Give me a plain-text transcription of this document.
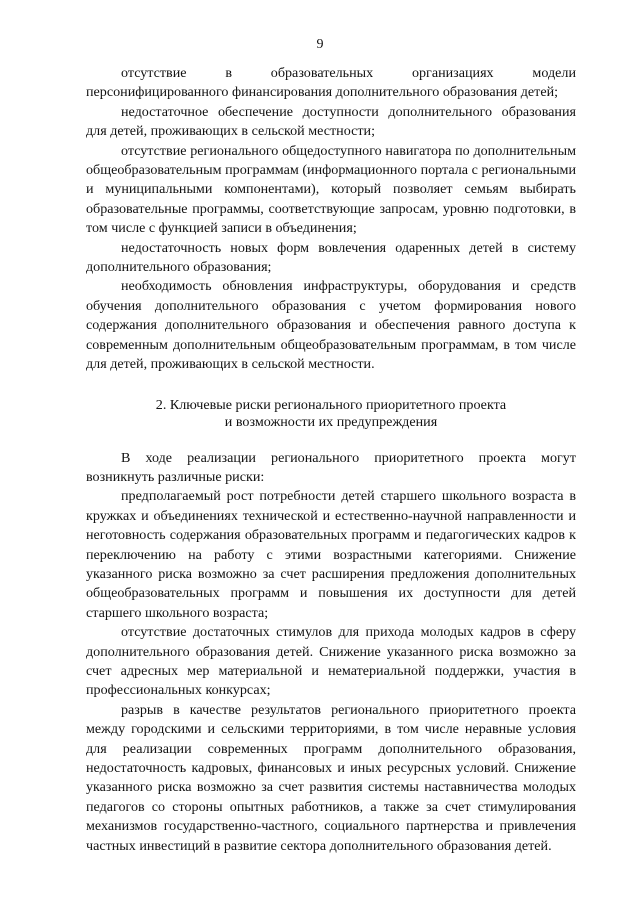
9

отсутствие в образовательных организациях модели персонифицированного финансирования дополнительного образования детей;

недостаточное обеспечение доступности дополнительного образования для детей, проживающих в сельской местности;

отсутствие регионального общедоступного навигатора по дополнительным общеобразовательным программам (информационного портала с региональными и муниципальными компонентами), который позволяет семьям выбирать образовательные программы, соответствующие запросам, уровню подготовки, в том числе с функцией записи в объединения;

недостаточность новых форм вовлечения одаренных детей в систему дополнительного образования;

необходимость обновления инфраструктуры, оборудования и средств обучения дополнительного образования с учетом формирования нового содержания дополнительного образования и обеспечения равного доступа к современным дополнительным общеобразовательным программам, в том числе для детей, проживающих в сельской местности.

2. Ключевые риски регионального приоритетного проекта
и возможности их предупреждения

В ходе реализации регионального приоритетного проекта могут возникнуть различные риски:

предполагаемый рост потребности детей старшего школьного возраста в кружках и объединениях технической и естественно-научной направленности и неготовность содержания образовательных программ и педагогических кадров к переключению на работу с этими возрастными категориями. Снижение указанного риска возможно за счет расширения предложения дополнительных общеобразовательных программ и повышения их доступности для детей старшего школьного возраста;

отсутствие достаточных стимулов для прихода молодых кадров в сферу дополнительного образования детей. Снижение указанного риска возможно за счет адресных мер материальной и нематериальной поддержки, участия в профессиональных конкурсах;

разрыв в качестве результатов регионального приоритетного проекта между городскими и сельскими территориями, в том числе неравные условия для реализации современных программ дополнительного образования, недостаточность кадровых, финансовых и иных ресурсных условий. Снижение указанного риска возможно за счет развития системы наставничества молодых педагогов со стороны опытных работников, а также за счет стимулирования механизмов государственно-частного, социального партнерства и привлечения частных инвестиций в развитие сектора дополнительного образования детей.
